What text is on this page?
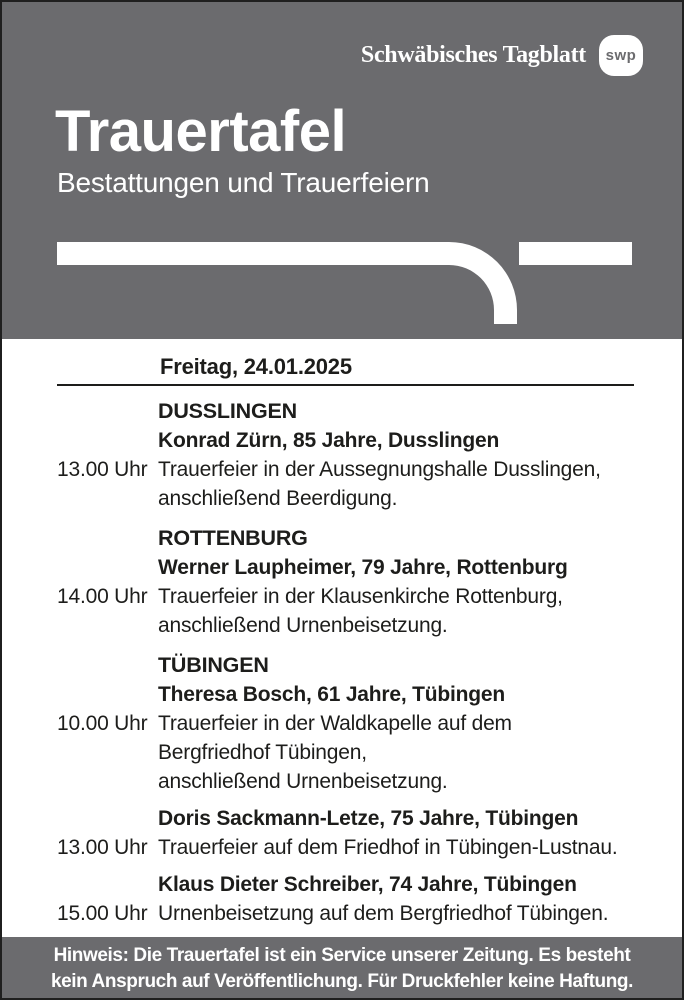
Schwäbisches Tagblatt swp
Trauertafel
Bestattungen und Trauerfeiern
Freitag, 24.01.2025
DUSSLINGEN
Konrad Zürn, 85 Jahre, Dusslingen
13.00 Uhr Trauerfeier in der Aussegnungshalle Dusslingen,
anschließend Beerdigung.
ROTTENBURG
Werner Laupheimer, 79 Jahre, Rottenburg
14.00 Uhr Trauerfeier in der Klausenkirche Rottenburg,
anschließend Urnenbeisetzung.
TÜBINGEN
Theresa Bosch, 61 Jahre, Tübingen
10.00 Uhr Trauerfeier in der Waldkapelle auf dem
Bergfriedhof Tübingen,
anschließend Urnenbeisetzung.
Doris Sackmann-Letze, 75 Jahre, Tübingen
13.00 Uhr Trauerfeier auf dem Friedhof in Tübingen-Lustnau.
Klaus Dieter Schreiber, 74 Jahre, Tübingen
15.00 Uhr Urnenbeisetzung auf dem Bergfriedhof Tübingen.
Hinweis: Die Trauertafel ist ein Service unserer Zeitung. Es besteht
kein Anspruch auf Veröffentlichung. Für Druckfehler keine Haftung.
